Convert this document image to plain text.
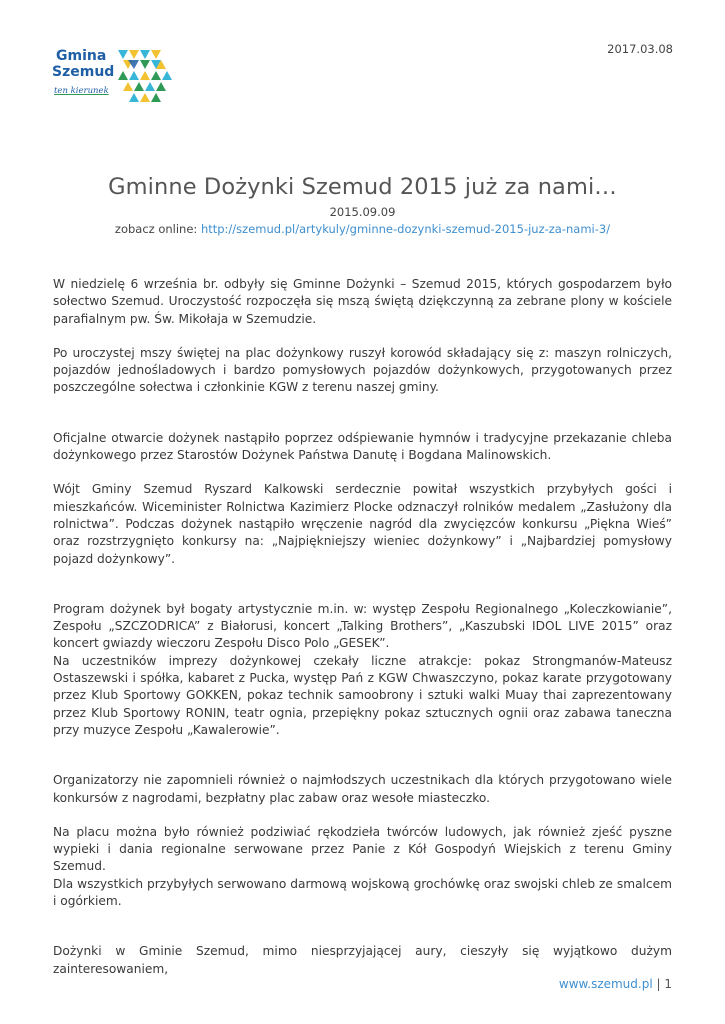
Gmina
Szemud
ten kierunek
2017.03.08
Gminne Dożynki Szemud 2015 już za nami…
2015.09.09
zobacz online: http://szemud.pl/artykuly/gminne-dozynki-szemud-2015-juz-za-nami-3/

W niedzielę 6 września br. odbyły się Gminne Dożynki – Szemud 2015, których gospodarzem było sołectwo Szemud. Uroczystość rozpoczęła się mszą świętą dziękczynną za zebrane plony w kościele parafialnym pw. Św. Mikołaja w Szemudzie.

Po uroczystej mszy świętej na plac dożynkowy ruszył korowód składający się z: maszyn rolniczych, pojazdów jednośladowych i bardzo pomysłowych pojazdów dożynkowych, przygotowanych przez poszczególne sołectwa i członkinie KGW z terenu naszej gminy.

Oficjalne otwarcie dożynek nastąpiło poprzez odśpiewanie hymnów i tradycyjne przekazanie chleba dożynkowego przez Starostów Dożynek Państwa Danutę i Bogdana Malinowskich.

Wójt Gminy Szemud Ryszard Kalkowski serdecznie powitał wszystkich przybyłych gości i mieszkańców. Wiceminister Rolnictwa Kazimierz Plocke odznaczył rolników medalem „Zasłużony dla rolnictwa”. Podczas dożynek nastąpiło wręczenie nagród dla zwycięzców konkursu „Piękna Wieś” oraz rozstrzygnięto konkursy na: „Najpiękniejszy wieniec dożynkowy” i „Najbardziej pomysłowy pojazd dożynkowy”.

Program dożynek był bogaty artystycznie m.in. w: występ Zespołu Regionalnego „Koleczkowianie”, Zespołu „SZCZODRICA” z Białorusi, koncert „Talking Brothers”, „Kaszubski IDOL LIVE 2015” oraz koncert gwiazdy wieczoru Zespołu Disco Polo „GESEK”.

Na uczestników imprezy dożynkowej czekały liczne atrakcje: pokaz Strongmanów-Mateusz Ostaszewski i spółka, kabaret z Pucka, występ Pań z KGW Chwaszczyno, pokaz karate przygotowany przez Klub Sportowy GOKKEN, pokaz technik samoobrony i sztuki walki Muay thai zaprezentowany przez Klub Sportowy RONIN, teatr ognia, przepiękny pokaz sztucznych ognii oraz zabawa taneczna przy muzyce Zespołu „Kawalerowie”.

Organizatorzy nie zapomnieli również o najmłodszych uczestnikach dla których przygotowano wiele konkursów z nagrodami, bezpłatny plac zabaw oraz wesołe miasteczko.

Na placu można było również podziwiać rękodzieła twórców ludowych, jak również zjeść pyszne wypieki i dania regionalne serwowane przez Panie z Kół Gospodyń Wiejskich z terenu Gminy Szemud.

Dla wszystkich przybyłych serwowano darmową wojskową grochówkę oraz swojski chleb ze smalcem i ogórkiem.

Dożynki w Gminie Szemud, mimo niesprzyjającej aury, cieszyły się wyjątkowo dużym zainteresowaniem,

www.szemud.pl | 1
